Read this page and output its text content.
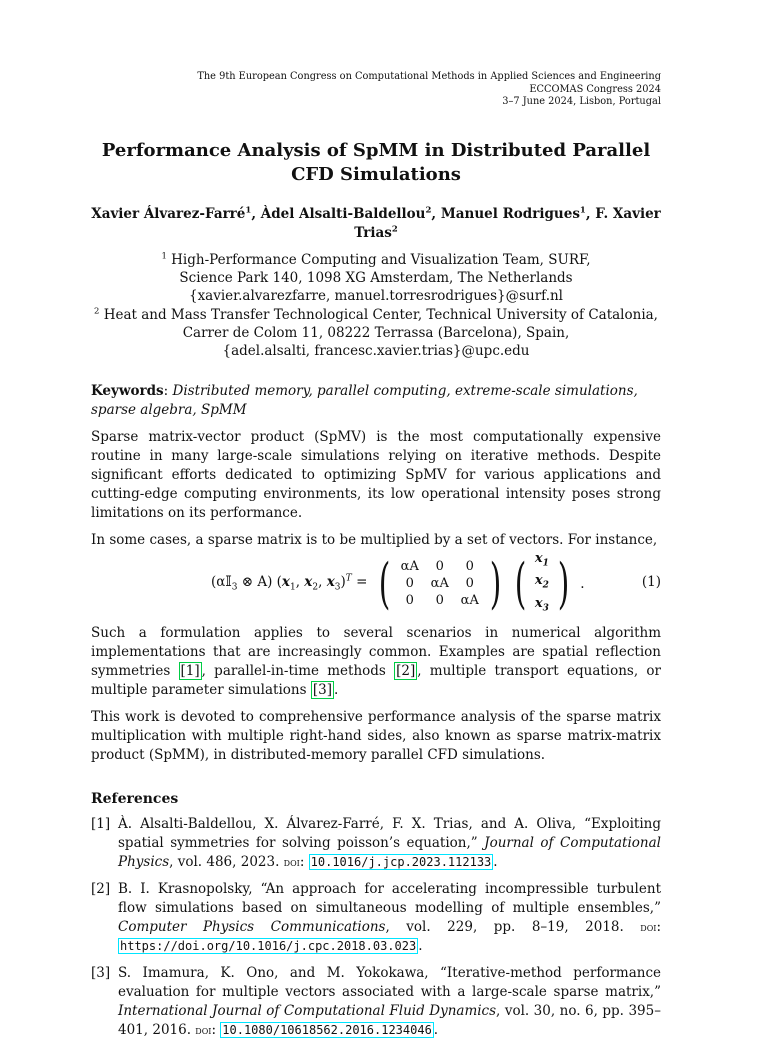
The 9th European Congress on Computational Methods in Applied Sciences and Engineering
ECCOMAS Congress 2024
3–7 June 2024, Lisbon, Portugal
Performance Analysis of SpMM in Distributed Parallel CFD Simulations
Xavier Álvarez-Farré$^1$, Àdel Alsalti-Baldellou$^2$, Manuel Rodrigues$^1$, F. Xavier Trias$^2$
$^1$ High-Performance Computing and Visualization Team, SURF,
Science Park 140, 1098 XG Amsterdam, The Netherlands
{xavier.alvarezfarre, manuel.torresrodrigues}@surf.nl
$^2$ Heat and Mass Transfer Technological Center, Technical University of Catalonia,
Carrer de Colom 11, 08222 Terrassa (Barcelona), Spain,
{adel.alsalti, francesc.xavier.trias}@upc.edu
Keywords: Distributed memory, parallel computing, extreme-scale simulations, sparse algebra, SpMM

Sparse matrix-vector product (SpMV) is the most computationally expensive routine in many large-scale simulations relying on iterative methods. Despite significant efforts dedicated to optimizing SpMV for various applications and cutting-edge computing environments, its low operational intensity poses strong limitations on its performance.

In some cases, a sparse matrix is to be multiplied by a set of vectors. For instance,

(α𝕀$_3$ ⊗ A) ($x_1$, $x_2$, $x_3)^T$ = ( αA	0	0
0	αA	0
0	0	αA ) ( $x_1$
$x_2$
$x_3$ ) .	(1)

Such a formulation applies to several scenarios in numerical algorithm implementations that are increasingly common. Examples are spatial reflection symmetries [1] , parallel-in-time methods [2] , multiple transport equations, or multiple parameter simulations [3] .

This work is devoted to comprehensive performance analysis of the sparse matrix multiplication with multiple right-hand sides, also known as sparse matrix-matrix product (SpMM), in distributed-memory parallel CFD simulations.

References
[1] À. Alsalti-Baldellou, X. Álvarez-Farré, F. X. Trias, and A. Oliva, “Exploiting spatial symmetries for solving poisson’s equation,” Journal of Computational Physics, vol. 486, 2023. doi: 10.1016/j.jcp.2023.112133 .
[2] B. I. Krasnopolsky, “An approach for accelerating incompressible turbulent flow simulations based on simultaneous modelling of multiple ensembles,” Computer Physics Communications, vol. 229, pp. 8–19, 2018. doi: https://doi.org/10.1016/j.cpc.2018.03.023 .
[3] S. Imamura, K. Ono, and M. Yokokawa, “Iterative-method performance evaluation for multiple vectors associated with a large-scale sparse matrix,” International Journal of Computational Fluid Dynamics, vol. 30, no. 6, pp. 395–401, 2016. doi: 10.1080/10618562.2016.1234046 .
